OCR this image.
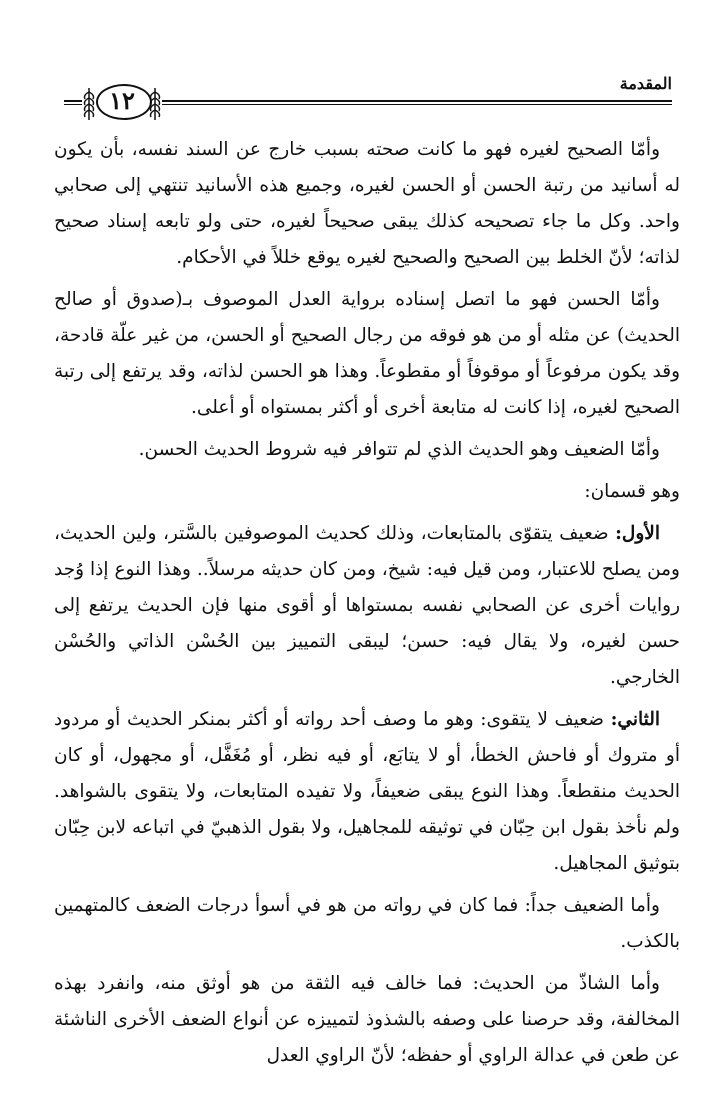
١٢
المقدمة

وأمّا الصحيح لغيره فهو ما كانت صحته بسبب خارج عن السند نفسه، بأن يكون له أسانيد من رتبة الحسن أو الحسن لغيره، وجميع هذه الأسانيد تنتهي إلى صحابي واحد. وكل ما جاء تصحيحه كذلك يبقى صحيحاً لغيره، حتى ولو تابعه إسناد صحيح لذاته؛ لأنّ الخلط بين الصحيح والصحيح لغيره يوقع خللاً في الأحكام.

وأمّا الحسن فهو ما اتصل إسناده برواية العدل الموصوف بـ(صدوق أو صالح الحديث) عن مثله أو من هو فوقه من رجال الصحيح أو الحسن، من غير علّة قادحة، وقد يكون مرفوعاً أو موقوفاً أو مقطوعاً. وهذا هو الحسن لذاته، وقد يرتفع إلى رتبة الصحيح لغيره، إذا كانت له متابعة أخرى أو أكثر بمستواه أو أعلى.

وأمّا الضعيف وهو الحديث الذي لم تتوافر فيه شروط الحديث الحسن.

وهو قسمان:

الأول: ضعيف يتقوّى بالمتابعات، وذلك كحديث الموصوفين بالسَّتر، ولين الحديث، ومن يصلح للاعتبار، ومن قيل فيه: شيخ، ومن كان حديثه مرسلاً.. وهذا النوع إذا وُجد روايات أخرى عن الصحابي نفسه بمستواها أو أقوى منها فإن الحديث يرتفع إلى حسن لغيره، ولا يقال فيه: حسن؛ ليبقى التمييز بين الحُسْن الذاتي والحُسْن الخارجي.

الثاني: ضعيف لا يتقوى: وهو ما وصف أحد رواته أو أكثر بمنكر الحديث أو مردود أو متروك أو فاحش الخطأ، أو لا يتابَع، أو فيه نظر، أو مُغَفَّل، أو مجهول، أو كان الحديث منقطعاً. وهذا النوع يبقى ضعيفاً، ولا تفيده المتابعات، ولا يتقوى بالشواهد. ولم نأخذ بقول ابن حِبّان في توثيقه للمجاهيل، ولا بقول الذهبيّ في اتباعه لابن حِبّان بتوثيق المجاهيل.

وأما الضعيف جداً: فما كان في رواته من هو في أسوأ درجات الضعف كالمتهمين بالكذب.

وأما الشاذّ من الحديث: فما خالف فيه الثقة من هو أوثق منه، وانفرد بهذه المخالفة، وقد حرصنا على وصفه بالشذوذ لتمييزه عن أنواع الضعف الأخرى الناشئة عن طعن في عدالة الراوي أو حفظه؛ لأنّ الراوي العدل
